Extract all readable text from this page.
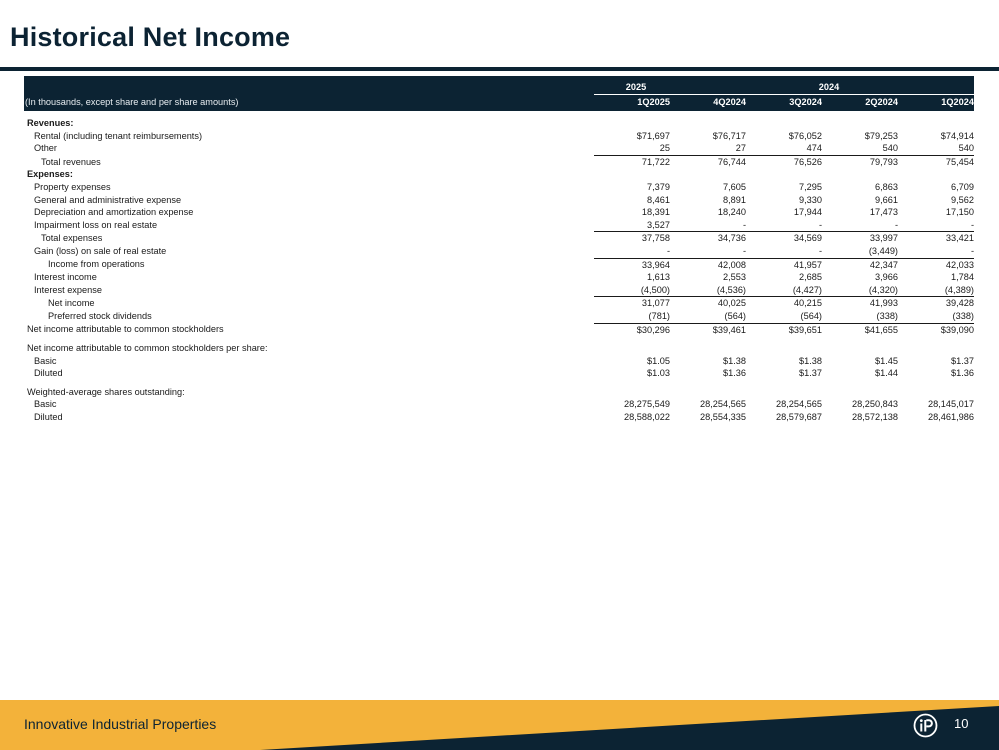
Historical Net Income
	2025	2024			
(In thousands, except share and per share amounts)	1Q2025	4Q2024	3Q2024	2Q2024	1Q2024
Revenues:					
Rental (including tenant reimbursements)	$71,697	$76,717	$76,052	$79,253	$74,914
Other	25	27	474	540	540
Total revenues	71,722	76,744	76,526	79,793	75,454
Expenses:					
Property expenses	7,379	7,605	7,295	6,863	6,709
General and administrative expense	8,461	8,891	9,330	9,661	9,562
Depreciation and amortization expense	18,391	18,240	17,944	17,473	17,150
Impairment loss on real estate	3,527	-	-	-	-
Total expenses	37,758	34,736	34,569	33,997	33,421
Gain (loss) on sale of real estate	-	-	-	(3,449)	-
Income from operations	33,964	42,008	41,957	42,347	42,033
Interest income	1,613	2,553	2,685	3,966	1,784
Interest expense	(4,500)	(4,536)	(4,427)	(4,320)	(4,389)
Net income	31,077	40,025	40,215	41,993	39,428
Preferred stock dividends	(781)	(564)	(564)	(338)	(338)
Net income attributable to common stockholders	$30,296	$39,461	$39,651	$41,655	$39,090

Net income attributable to common stockholders per share:					
Basic	$1.05	$1.38	$1.38	$1.45	$1.37
Diluted	$1.03	$1.36	$1.37	$1.44	$1.36

Weighted-average shares outstanding:					
Basic	28,275,549	28,254,565	28,254,565	28,250,843	28,145,017
Diluted	28,588,022	28,554,335	28,579,687	28,572,138	28,461,986
Innovative Industrial Properties	10
